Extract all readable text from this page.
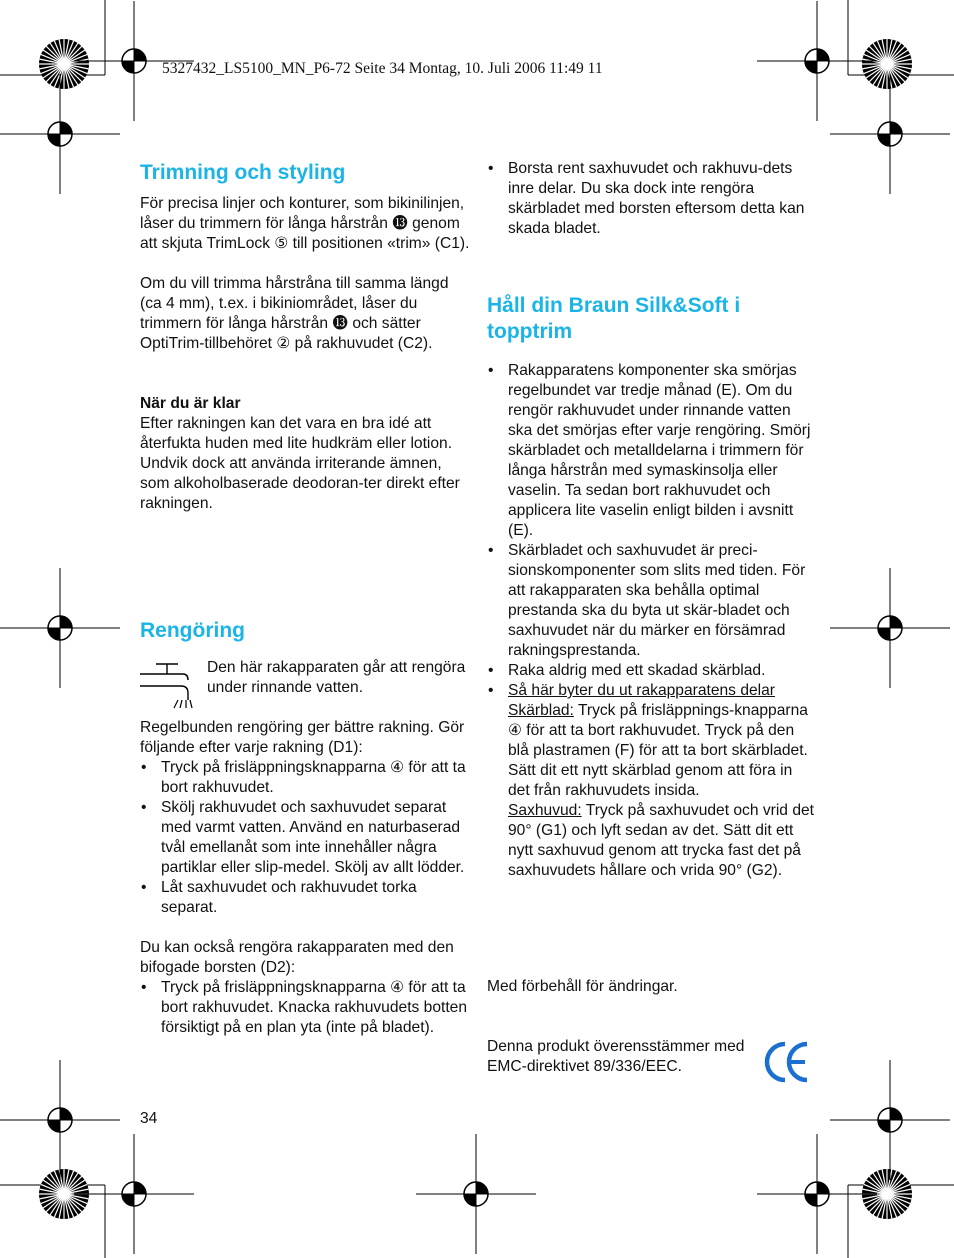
5327432_LS5100_MN_P6-72 Seite 34 Montag, 10. Juli 2006 11:49 11
Trimning och styling

För precisa linjer och konturer, som bikinilinjen, låser du trimmern för långa hårstrån ⓭ genom att skjuta TrimLock ⑤ till positionen «trim» (C1).

Om du vill trimma hårstråna till samma längd (ca 4 mm), t.ex. i bikiniområdet, låser du trimmern för långa hårstrån ⓭ och sätter OptiTrim-tillbehöret ② på rakhuvudet (C2).

När du är klar

Efter rakningen kan det vara en bra idé att återfukta huden med lite hudkräm eller lotion. Undvik dock att använda irriterande ämnen, som alkoholbaserade deodoran-ter direkt efter rakningen.

Rengöring
Den här rakapparaten går att rengöra under rinnande vatten.

Regelbunden rengöring ger bättre rakning. Gör följande efter varje rakning (D1):

• Tryck på frisläppningsknapparna ④ för att ta bort rakhuvudet.
• Skölj rakhuvudet och saxhuvudet separat med varmt vatten. Använd en naturbaserad tvål emellanåt som inte innehåller några partiklar eller slip-medel. Skölj av allt lödder.
• Låt saxhuvudet och rakhuvudet torka separat.

Du kan också rengöra rakapparaten med den bifogade borsten (D2):

• Tryck på frisläppningsknapparna ④ för att ta bort rakhuvudet. Knacka rakhuvudets botten försiktigt på en plan yta (inte på bladet).
34
• Borsta rent saxhuvudet och rakhuvu-dets inre delar. Du ska dock inte rengöra skärbladet med borsten eftersom detta kan skada bladet.
Håll din Braun Silk&Soft i topptrim
• Rakapparatens komponenter ska smörjas regelbundet var tredje månad (E). Om du rengör rakhuvudet under rinnande vatten ska det smörjas efter varje rengöring. Smörj skärbladet och metalldelarna i trimmern för långa hårstrån med symaskinsolja eller vaselin. Ta sedan bort rakhuvudet och applicera lite vaselin enligt bilden i avsnitt (E).
• Skärbladet och saxhuvudet är preci-sionskomponenter som slits med tiden. För att rakapparaten ska behålla optimal prestanda ska du byta ut skär-bladet och saxhuvudet när du märker en försämrad rakningsprestanda.
• Raka aldrig med ett skadad skärblad.
• Så här byter du ut rakapparatens delar
Skärblad: Tryck på frisläppnings-knapparna ④ för att ta bort rakhuvudet. Tryck på den blå plastramen (F) för att ta bort skärbladet. Sätt dit ett nytt skärblad genom att föra in det från rakhuvudets insida.
Saxhuvud: Tryck på saxhuvudet och vrid det 90° (G1) och lyft sedan av det. Sätt dit ett nytt saxhuvud genom att trycka fast det på saxhuvudets hållare och vrida 90° (G2).
Med förbehåll för ändringar.
Denna produkt överensstämmer med EMC-direktivet 89/336/EEC.
